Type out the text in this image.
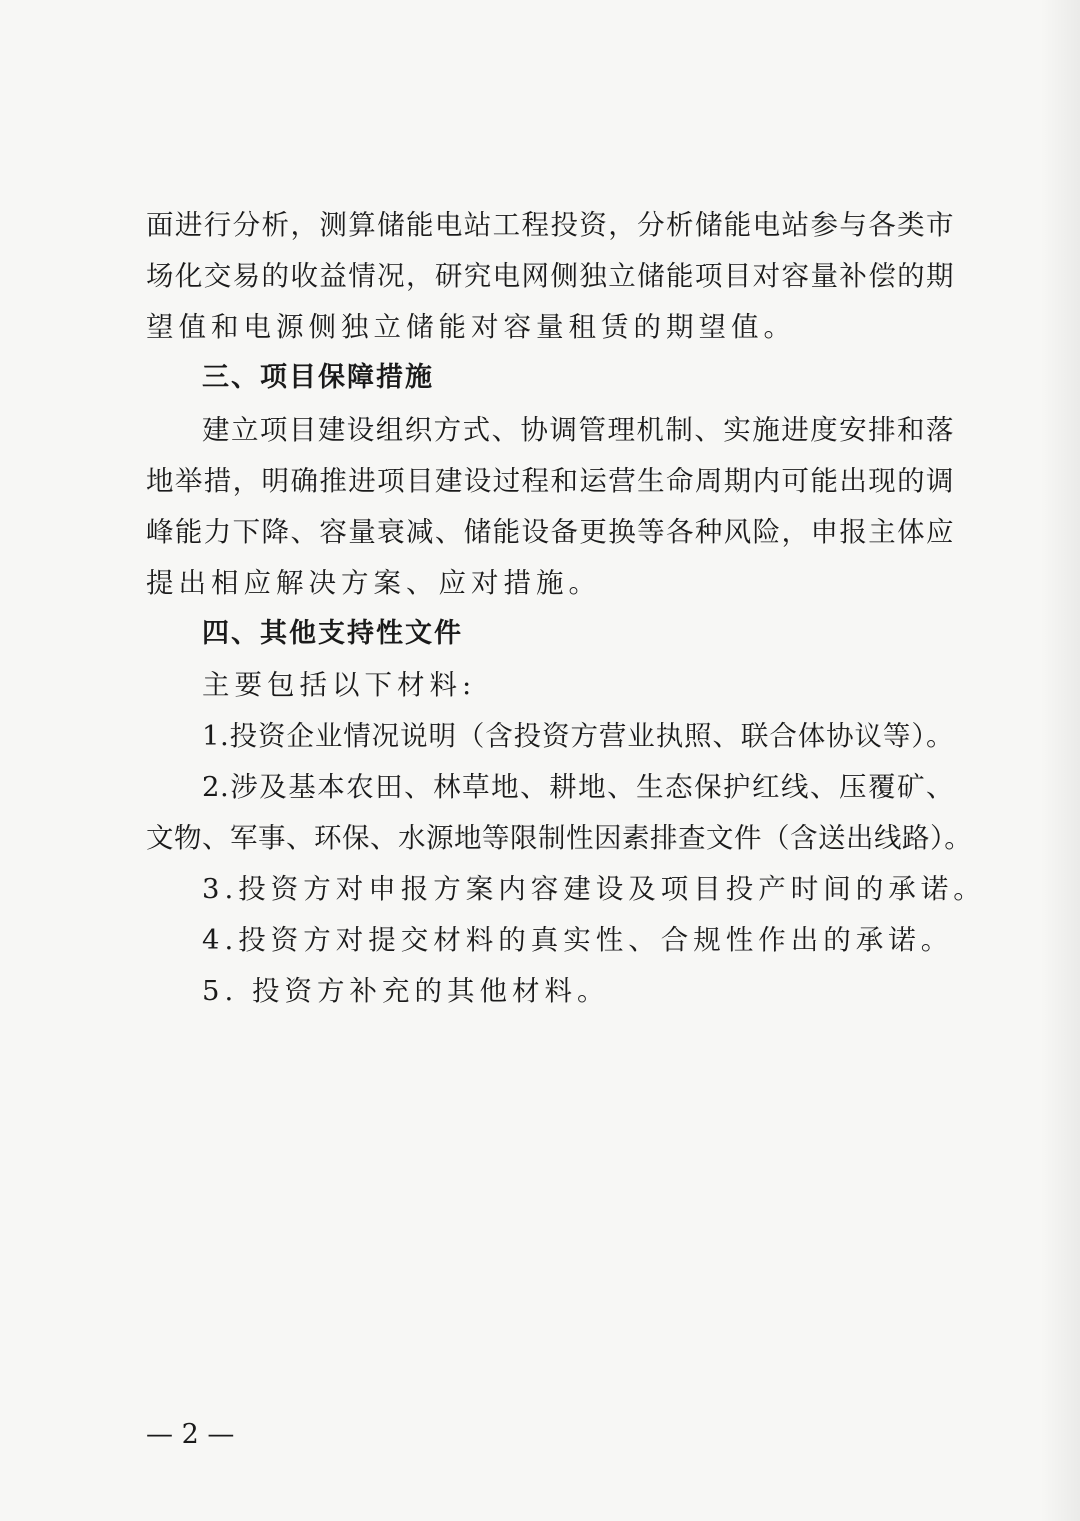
面进行分析，测算储能电站工程投资，分析储能电站参与各类市
场化交易的收益情况，研究电网侧独立储能项目对容量补偿的期
望值和电源侧独立储能对容量租赁的期望值。
三、项目保障措施
建立项目建设组织方式、协调管理机制、实施进度安排和落
地举措，明确推进项目建设过程和运营生命周期内可能出现的调
峰能力下降、容量衰减、储能设备更换等各种风险，申报主体应
提出相应解决方案、应对措施。
四、其他支持性文件
主要包括以下材料:
1.投资企业情况说明（含投资方营业执照、联合体协议等）。
2.涉及基本农田、林草地、耕地、生态保护红线、压覆矿、
文物、军事、环保、水源地等限制性因素排查文件（含送出线路）。
3.投资方对申报方案内容建设及项目投产时间的承诺。
4.投资方对提交材料的真实性、合规性作出的承诺。
5. 投资方补充的其他材料。
— 2 —
